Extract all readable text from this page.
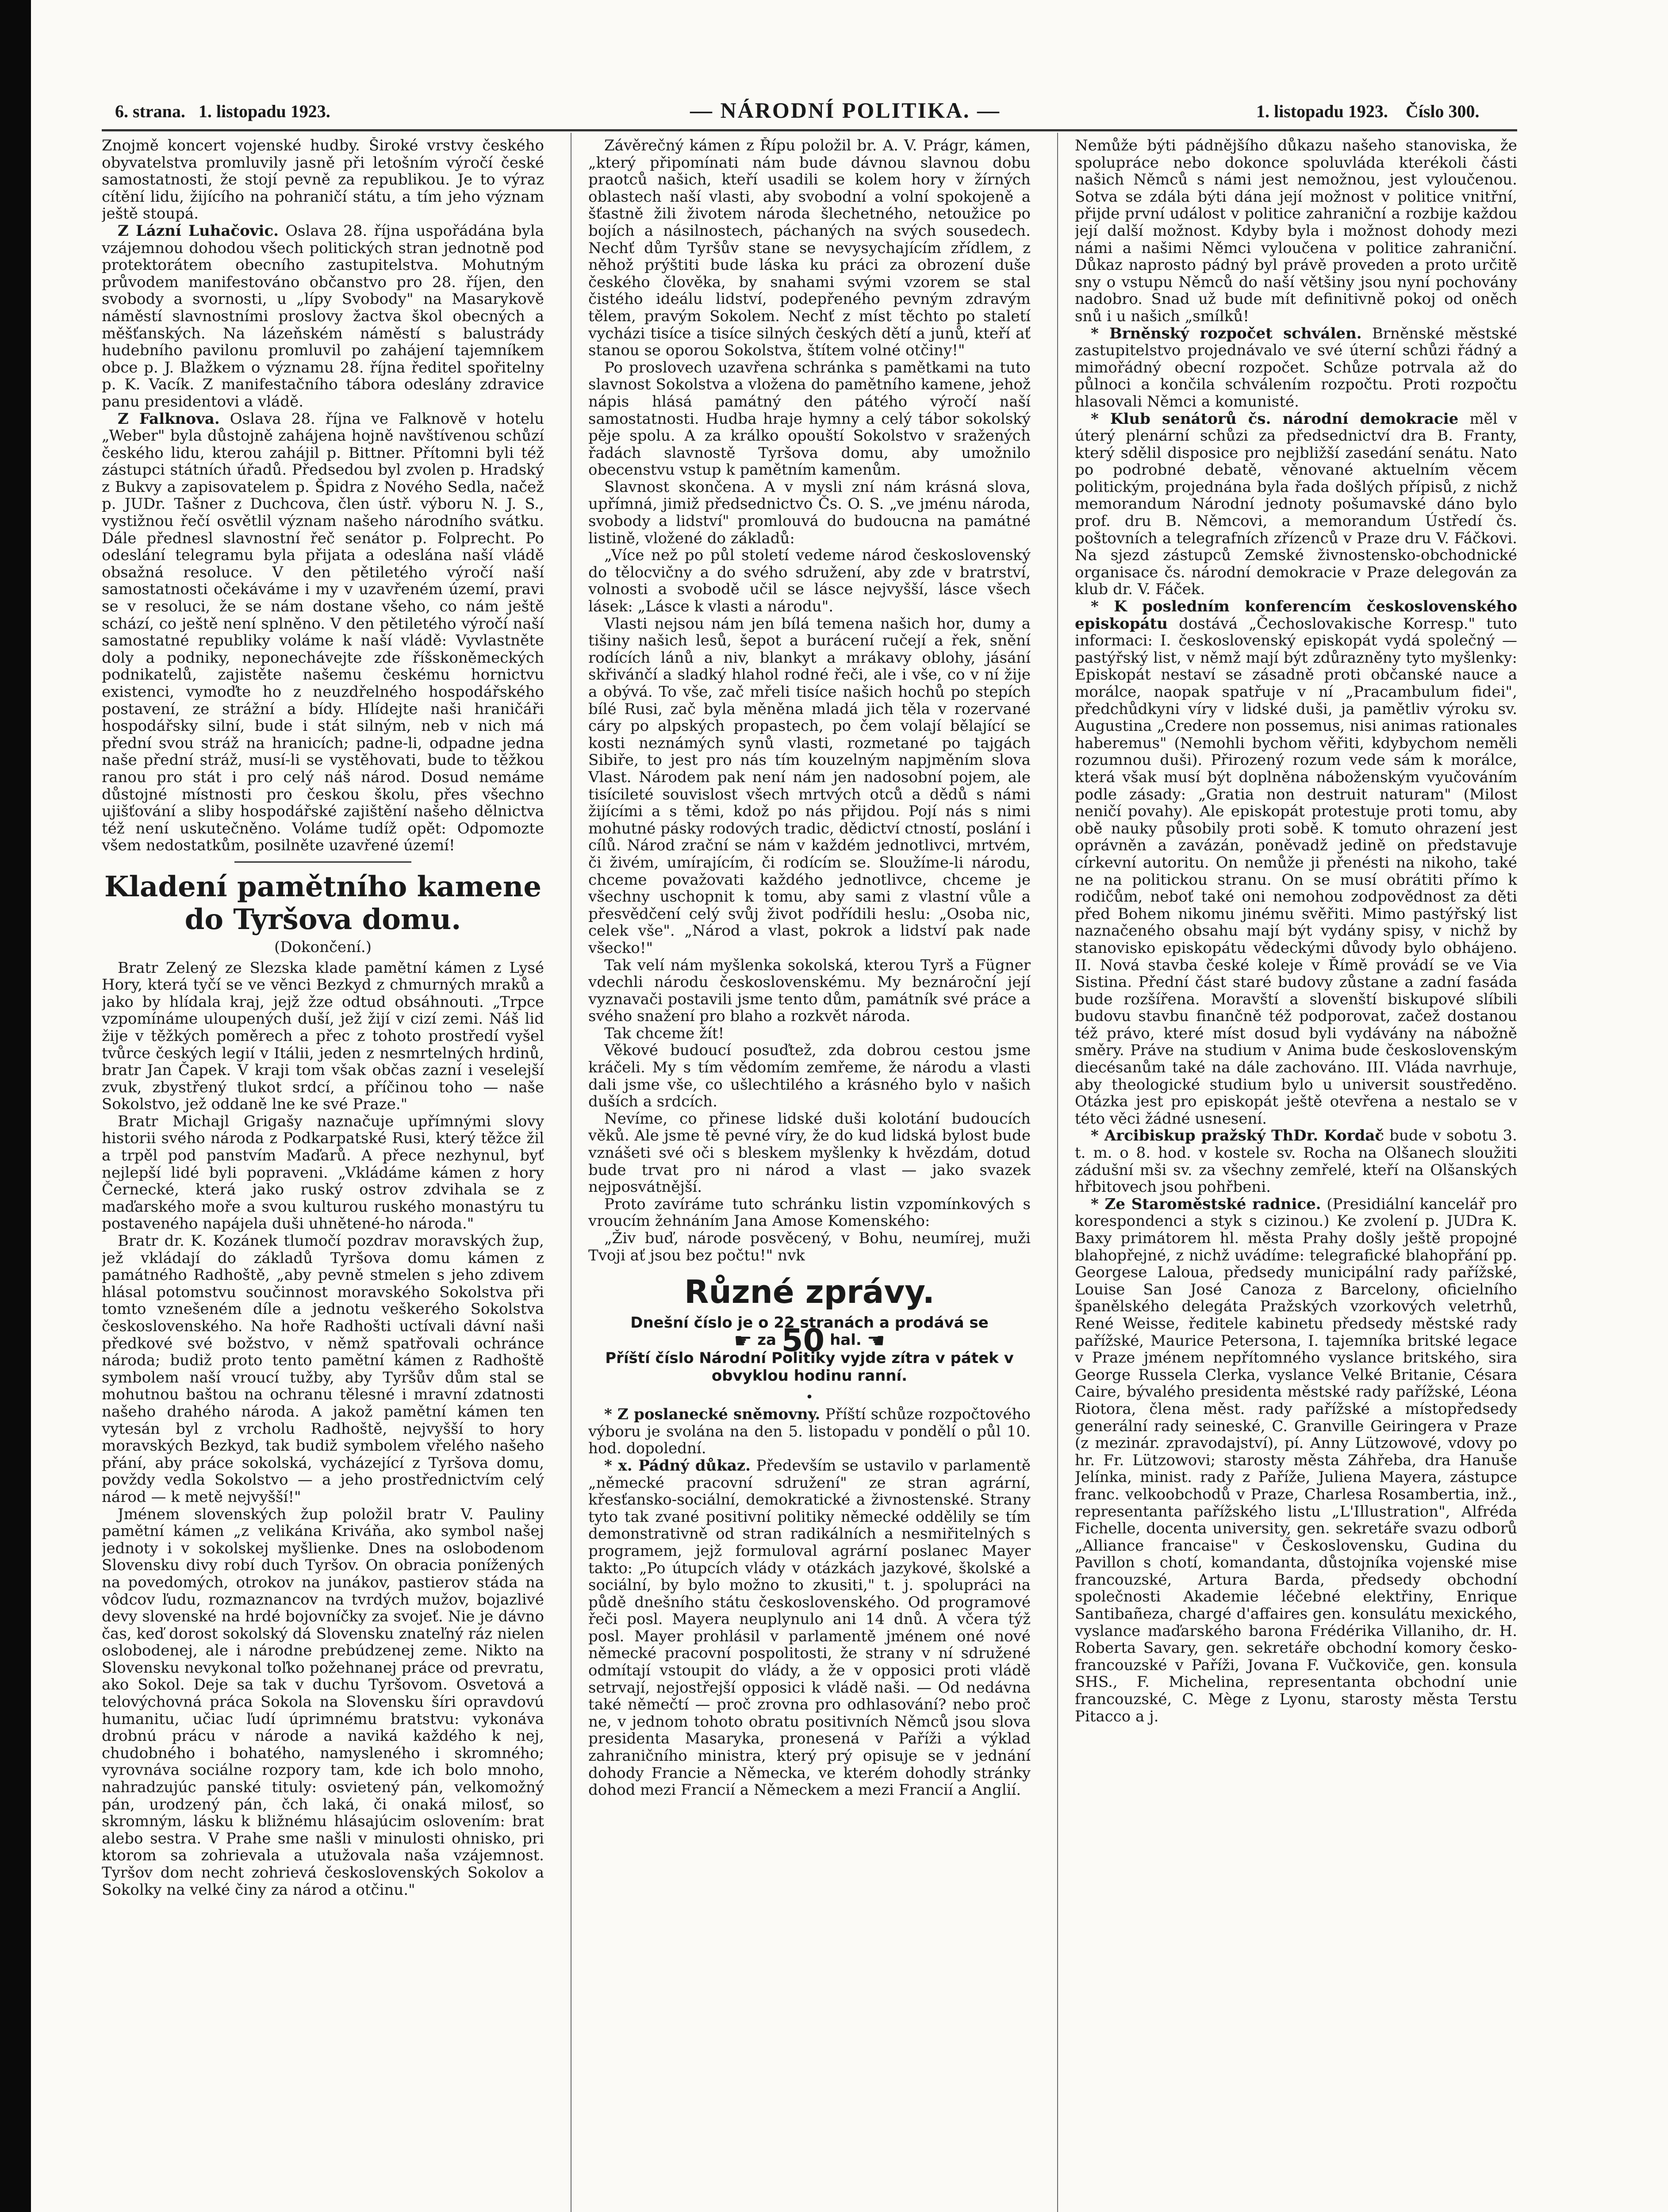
6. strana. 1. listopadu 1923.	— NÁRODNÍ POLITIKA. —	1. listopadu 1923. Číslo 300.

Znojmě koncert vojenské hudby. Široké vrstvy českého obyvatelstva promluvily jasně při letošním výročí české samostatnosti, že stojí pevně za republikou. Je to výraz cítění lidu, žijícího na pohraničí státu, a tím jeho význam ještě stoupá.

Z Lázní Luhačovic. Oslava 28. října uspořádána byla vzájemnou dohodou všech politických stran jednotně pod protektorátem obecního zastupitelstva. Mohutným průvodem manifestováno občanstvo pro 28. říjen, den svobody a svornosti, u „lípy Svobody" na Masarykově náměstí slavnostními proslovy žactva škol obecných a měšťanských. Na lázeňském náměstí s balustrády hudebního pavilonu promluvil po zahájení tajemníkem obce p. J. Blažkem o významu 28. října ředitel spořitelny p. K. Vacík. Z manifestačního tábora odeslány zdravice panu presidentovi a vládě.

Z Falknova. Oslava 28. října ve Falknově v hotelu „Weber" byla důstojně zahájena hojně navštívenou schůzí českého lidu, kterou zahájil p. Bittner. Přítomni byli též zástupci státních úřadů. Předsedou byl zvolen p. Hradský z Bukvy a zapisovatelem p. Špidra z Nového Sedla, načež p. JUDr. Tašner z Duchcova, člen ústř. výboru N. J. S., vystižnou řečí osvětlil význam našeho národního svátku. Dále přednesl slavnostní řeč senátor p. Folprecht. Po odeslání telegramu byla přijata a odeslána naší vládě obsažná resoluce. V den pětiletého výročí naší samostatnosti očekáváme i my v uzavřeném území, pravi se v resoluci, že se nám dostane všeho, co nám ještě schází, co ještě není splněno. V den pětiletého výročí naší samostatné republiky voláme k naší vládě: Vyvlastněte doly a podniky, neponechávejte zde říšskoněmeckých podnikatelů, zajistěte našemu českému hornictvu existenci, vymoďte ho z neuzdřelného hospodářského postavení, ze strážní a bídy. Hlídejte naši hraničáři hospodářsky silní, bude i stát silným, neb v nich má přední svou stráž na hranicích; padne-li, odpadne jedna naše přední stráž, musí-li se vystěhovati, bude to těžkou ranou pro stát i pro celý náš národ. Dosud nemáme důstojné místnosti pro českou školu, přes všechno ujišťování a sliby hospodářské zajištění našeho dělnictva též není uskutečněno. Voláme tudíž opět: Odpomozte všem nedostatkům, posilněte uzavřené území!

Kladení pamětního kamene do Tyršova domu.
(Dokončení.)

Bratr Zelený ze Slezska klade pamětní kámen z Lysé Hory, která tyčí se ve věnci Bezkyd z chmurných mraků a jako by hlídala kraj, jejž žze odtud obsáhnouti. „Trpce vzpomínáme uloupených duší, jež žijí v cizí zemi. Náš lid žije v těžkých poměrech a přec z tohoto prostředí vyšel tvůrce českých legií v Itálii, jeden z nesmrtelných hrdinů, bratr Jan Čapek. V kraji tom však občas zazní i veselejší zvuk, zbystřený tlukot srdcí, a příčinou toho — naše Sokolstvo, jež oddaně lne ke své Praze."

Bratr Michajl Grigašy naznačuje upřímnými slovy historii svého národa z Podkarpatské Rusi, který těžce žil a trpěl pod panstvím Maďarů. A přece nezhynul, byť nejlepší lidé byli popraveni. „Vkládáme kámen z hory Černecké, která jako ruský ostrov zdvihala se z maďarského moře a svou kulturou ruského monastýru tu postaveného napájela duši uhnětené-ho národa."

Bratr dr. K. Kozánek tlumočí pozdrav moravských žup, jež vkládají do základů Tyršova domu kámen z památného Radhoště, „aby pevně stmelen s jeho zdivem hlásal potomstvu součinnost moravského Sokolstva při tomto vznešeném díle a jednotu veškerého Sokolstva československého. Na hoře Radhošti uctívali dávní naši předkové své božstvo, v němž spatřovali ochránce národa; budiž proto tento pamětní kámen z Radhoště symbolem naší vroucí tužby, aby Tyršův dům stal se mohutnou baštou na ochranu tělesné i mravní zdatnosti našeho drahého národa. A jakož pamětní kámen ten vytesán byl z vrcholu Radhoště, nejvyšší to hory moravských Bezkyd, tak budiž symbolem vřelého našeho přání, aby práce sokolská, vycházející z Tyršova domu, povždy vedla Sokolstvo — a jeho prostřednictvím celý národ — k metě nejvyšší!"

Jménem slovenských žup položil bratr V. Pauliny pamětní kámen „z velikána Kriváňa, ako symbol našej jednoty i v sokolskej myšlienke. Dnes na oslobodenom Slovensku divy robí duch Tyršov. On obracia ponížených na povedomých, otrokov na junákov, pastierov stáda na vôdcov ľudu, rozmaznancov na tvrdých mužov, bojazlivé devy slovenské na hrdé bojovníčky za svojeť. Nie je dávno čas, keď dorost sokolský dá Slovensku znateľný ráz nielen oslobodenej, ale i národne prebúdzenej zeme. Nikto na Slovensku nevykonal toľko požehnanej práce od prevratu, ako Sokol. Deje sa tak v duchu Tyršovom. Osvetová a telovýchovná práca Sokola na Slovensku šíri opravdovú humanitu, učiac ľudí úprimnému bratstvu: vykonáva drobnú prácu v národe a naviká každého k nej, chudobného i bohatého, namysleného i skromného; vyrovnáva sociálne rozpory tam, kde ich bolo mnoho, nahradzujúc panské tituly: osvietený pán, velkomožný pán, urodzený pán, čch laká, či onaká milosť, so skromným, lásku k bližnému hlásajúcim oslovením: brat alebo sestra. V Prahe sme našli v minulosti ohnisko, pri ktorom sa zohrievala a utužovala naša vzájemnost. Tyršov dom necht zohrievá československých Sokolov a Sokolky na velké činy za národ a otčinu."

Závěrečný kámen z Řípu položil br. A. V. Prágr, kámen, „který připomínati nám bude dávnou slavnou dobu praotců našich, kteří usadili se kolem hory v žírných oblastech naší vlasti, aby svobodní a volní spokojeně a šťastně žili životem národa šlechetného, netoužice po bojích a násilnostech, páchaných na svých sousedech. Nechť dům Tyršův stane se nevysychajícím zřídlem, z něhož prýštiti bude láska ku práci za obrození duše českého člověka, by snahami svými vzorem se stal čistého ideálu lidství, podepřeného pevným zdravým tělem, pravým Sokolem. Nechť z míst těchto po staletí vycházi tisíce a tisíce silných českých dětí a junů, kteří ať stanou se oporou Sokolstva, štítem volné otčiny!"

Po proslovech uzavřena schránka s pamětkami na tuto slavnost Sokolstva a vložena do pamětního kamene, jehož nápis hlásá památný den pátého výročí naší samostatnosti. Hudba hraje hymny a celý tábor sokolský pěje spolu. A za králko opouští Sokolstvo v sražených řadách slavnostě Tyršova domu, aby umožnilo obecenstvu vstup k pamětním kamenům.

Slavnost skončena. A v mysli zní nám krásná slova, upřímná, jimiž předsednictvo Čs. O. S. „ve jménu národa, svobody a lidství" promlouvá do budoucna na památné listině, vložené do základů:

„Více než po půl století vedeme národ československý do tělocvičny a do svého sdružení, aby zde v bratrství, volnosti a svobodě učil se lásce nejvyšší, lásce všech lásek: „Lásce k vlasti a národu".

Vlasti nejsou nám jen bílá temena našich hor, dumy a tišiny našich lesů, šepot a burácení ručejí a řek, snění rodících lánů a niv, blankyt a mrákavy oblohy, jásání skřivánčí a sladký hlahol rodné řeči, ale i vše, co v ní žije a obývá. To vše, zač mřeli tisíce našich hochů po stepích bílé Rusi, zač byla měněna mladá jich těla v rozervané cáry po alpských propastech, po čem volají bělající se kosti neznámých synů vlasti, rozmetané po tajgách Sibiře, to jest pro nás tím kouzelným napjměním slova Vlast. Národem pak není nám jen nadosobní pojem, ale tisícileté souvislost všech mrtvých otců a dědů s námi žijícími a s těmi, kdož po nás přijdou. Pojí nás s nimi mohutné pásky rodových tradic, dědictví ctností, poslání i cílů. Národ zrační se nám v každém jednotlivci, mrtvém, či živém, umírajícím, či rodícím se. Sloužíme-li národu, chceme považovati každého jednotlivce, chceme je všechny uschopnit k tomu, aby sami z vlastní vůle a přesvědčení celý svůj život podřídili heslu: „Osoba nic, celek vše". „Národ a vlast, pokrok a lidství pak nade všecko!"

Tak velí nám myšlenka sokolská, kterou Tyrš a Fügner vdechli národu československému. My beznároční její vyznavači postavili jsme tento dům, památník své práce a svého snažení pro blaho a rozkvět národa.

Tak chceme žít!

Věkové budoucí posuďtež, zda dobrou cestou jsme kráčeli. My s tím vědomím zemřeme, že národu a vlasti dali jsme vše, co ušlechtilého a krásného bylo v našich duších a srdcích.

Nevíme, co přinese lidské duši kolotání budoucích věků. Ale jsme tě pevné víry, že do kud lidská bylost bude vznášeti své oči s bleskem myšlenky k hvězdám, dotud bude trvat pro ni národ a vlast — jako svazek nejposvátnější.

Proto zavíráme tuto schránku listin vzpomínkových s vroucím žehnáním Jana Amose Komenského:

„Živ buď, národe posvěcený, v Bohu, neumírej, muži Tvoji ať jsou bez počtu!" nvk

Různé zprávy.
Dnešní číslo je o 22 stranách a prodává se
☛ za 50 hal. ☚
Příští číslo Národní Politiky vyjde zítra v pátek v obvyklou hodinu ranní.
•

* Z poslanecké sněmovny. Příští schůze rozpočtového výboru je svolána na den 5. listopadu v pondělí o půl 10. hod. dopolední.

* x. Pádný důkaz. Především se ustavilo v parlamentě „německé pracovní sdružení" ze stran agrární, křesťansko-sociální, demokratické a živnostenské. Strany tyto tak zvané positivní politiky německé oddělily se tím demonstrativně od stran radikálních a nesmiřitelných s programem, jejž formuloval agrární poslanec Mayer takto: „Po útupcích vlády v otázkách jazykové, školské a sociální, by bylo možno to zkusiti," t. j. spolupráci na půdě dnešního státu československého. Od programové řeči posl. Mayera neuplynulo ani 14 dnů. A včera týž posl. Mayer prohlásil v parlamentě jménem oné nové německé pracovní pospolitosti, že strany v ní sdružené odmítají vstoupit do vlády, a že v opposici proti vládě setrvají, nejostřejší opposici k vládě naši. — Od nedávna také němečtí — proč zrovna pro odhlasování? nebo proč ne, v jednom tohoto obratu positivních Němců jsou slova presidenta Masaryka, pronesená v Paříži a výklad zahraničního ministra, který prý opisuje se v jednání dohody Francie a Německa, ve kterém dohodly stránky dohod mezi Francií a Německem a mezi Francií a Anglií.

Nemůže býti pádnějšího důkazu našeho stanoviska, že spolupráce nebo dokonce spoluvláda kterékoli části našich Němců s námi jest nemožnou, jest vyloučenou. Sotva se zdála býti dána její možnost v politice vnitřní, přijde první událost v politice zahraniční a rozbije každou její další možnost. Kdyby byla i možnost dohody mezi námi a našimi Němci vyloučena v politice zahraniční. Důkaz naprosto pádný byl právě proveden a proto určitě sny o vstupu Němců do naší většiny jsou nyní pochovány nadobro. Snad už bude mít definitivně pokoj od oněch snů i u našich „smílků!

* Brněnský rozpočet schválen. Brněnské městské zastupitelstvo projednávalo ve své úterní schůzi řádný a mimořádný obecní rozpočet. Schůze potrvala až do půlnoci a končila schválením rozpočtu. Proti rozpočtu hlasovali Němci a komunisté.

* Klub senátorů čs. národní demokracie měl v úterý plenární schůzi za předsednictví dra B. Franty, který sdělil disposice pro nejbližší zasedání senátu. Nato po podrobné debatě, věnované aktuelním věcem politickým, projednána byla řada došlých přípisů, z nichž memorandum Národní jednoty pošumavské dáno bylo prof. dru B. Němcovi, a memorandum Ústředí čs. poštovních a telegrafních zřízenců v Praze dru V. Fáčkovi. Na sjezd zástupců Zemské živnostensko-obchodnické organisace čs. národní demokracie v Praze delegován za klub dr. V. Fáček.

* K posledním konferencím československého episkopátu dostává „Čechoslovakische Korresp." tuto informaci: I. československý episkopát vydá společný — pastýřský list, v němž mají být zdůrazněny tyto myšlenky: Episkopát nestaví se zásadně proti občanské nauce a morálce, naopak spatřuje v ní „Pracambulum fidei", předchůdkyni víry v lidské duši, ja pamětliv výroku sv. Augustina „Credere non possemus, nisi animas rationales haberemus" (Nemohli bychom věřiti, kdybychom neměli rozumnou duši). Přirozený rozum vede sám k morálce, která však musí být doplněna náboženským vyučováním podle zásady: „Gratia non destruit naturam" (Milost neničí povahy). Ale episkopát protestuje proti tomu, aby obě nauky působily proti sobě. K tomuto ohrazení jest oprávněn a zavázán, poněvadž jedině on představuje církevní autoritu. On nemůže ji přenésti na nikoho, také ne na politickou stranu. On se musí obrátiti přímo k rodičům, neboť také oni nemohou zodpovědnost za děti před Bohem nikomu jinému svěřiti. Mimo pastýřský list naznačeného obsahu mají být vydány spisy, v nichž by stanovisko episkopátu vědeckými důvody bylo obhájeno. II. Nová stavba české koleje v Římě provádí se ve Via Sistina. Přední část staré budovy zůstane a zadní fasáda bude rozšířena. Moravští a slovenští biskupové slíbili budovu stavbu finančně též podporovat, začež dostanou též právo, které míst dosud byli vydávány na nábožně směry. Práve na studium v Anima bude československým diecésanům také na dále zachováno. III. Vláda navrhuje, aby theologické studium bylo u universit soustředěno. Otázka jest pro episkopát ještě otevřena a nestalo se v této věci žádné usnesení.

* Arcibiskup pražský ThDr. Kordač bude v sobotu 3. t. m. o 8. hod. v kostele sv. Rocha na Olšanech sloužiti zádušní mši sv. za všechny zemřelé, kteří na Olšanských hřbitovech jsou pohřbeni.

* Ze Staroměstské radnice. (Presidiální kancelář pro korespondenci a styk s cizinou.) Ke zvolení p. JUDra K. Baxy primátorem hl. města Prahy došly ještě propojné blahopřejné, z nichž uvádíme: telegrafické blahopřání pp. Georgese Laloua, předsedy municipální rady pařížské, Louise San José Canoza z Barcelony, oficielního španělského delegáta Pražských vzorkových veletrhů, René Weisse, ředitele kabinetu předsedy městské rady pařížské, Maurice Petersona, I. tajemníka britské legace v Praze jménem nepřítomného vyslance britského, sira George Russela Clerka, vyslance Velké Britanie, Césara Caire, bývalého presidenta městské rady pařížské, Léona Riotora, člena měst. rady pařížské a místopředsedy generální rady seineské, C. Granville Geiringera v Praze (z mezinár. zpravodajství), pí. Anny Lützowové, vdovy po hr. Fr. Lützowovi; starosty města Záhřeba, dra Hanuše Jelínka, minist. rady z Paříže, Juliena Mayera, zástupce franc. velkoobchodů v Praze, Charlesa Rosambertia, inž., representanta pařížského listu „L'Illustration", Alfréda Fichelle, docenta university, gen. sekretáře svazu odborů „Alliance francaise" v Československu, Gudina du Pavillon s chotí, komandanta, důstojníka vojenské mise francouzské, Artura Barda, předsedy obchodní společnosti Akademie léčebné elektřiny, Enrique Santibañeza, chargé d'affaires gen. konsulátu mexického, vyslance maďarského barona Frédérika Villaniho, dr. H. Roberta Savary, gen. sekretáře obchodní komory česko-francouzské v Paříži, Jovana F. Vučkoviče, gen. konsula SHS., F. Michelina, representanta obchodní unie francouzské, C. Mège z Lyonu, starosty města Terstu Pitacco a j.
